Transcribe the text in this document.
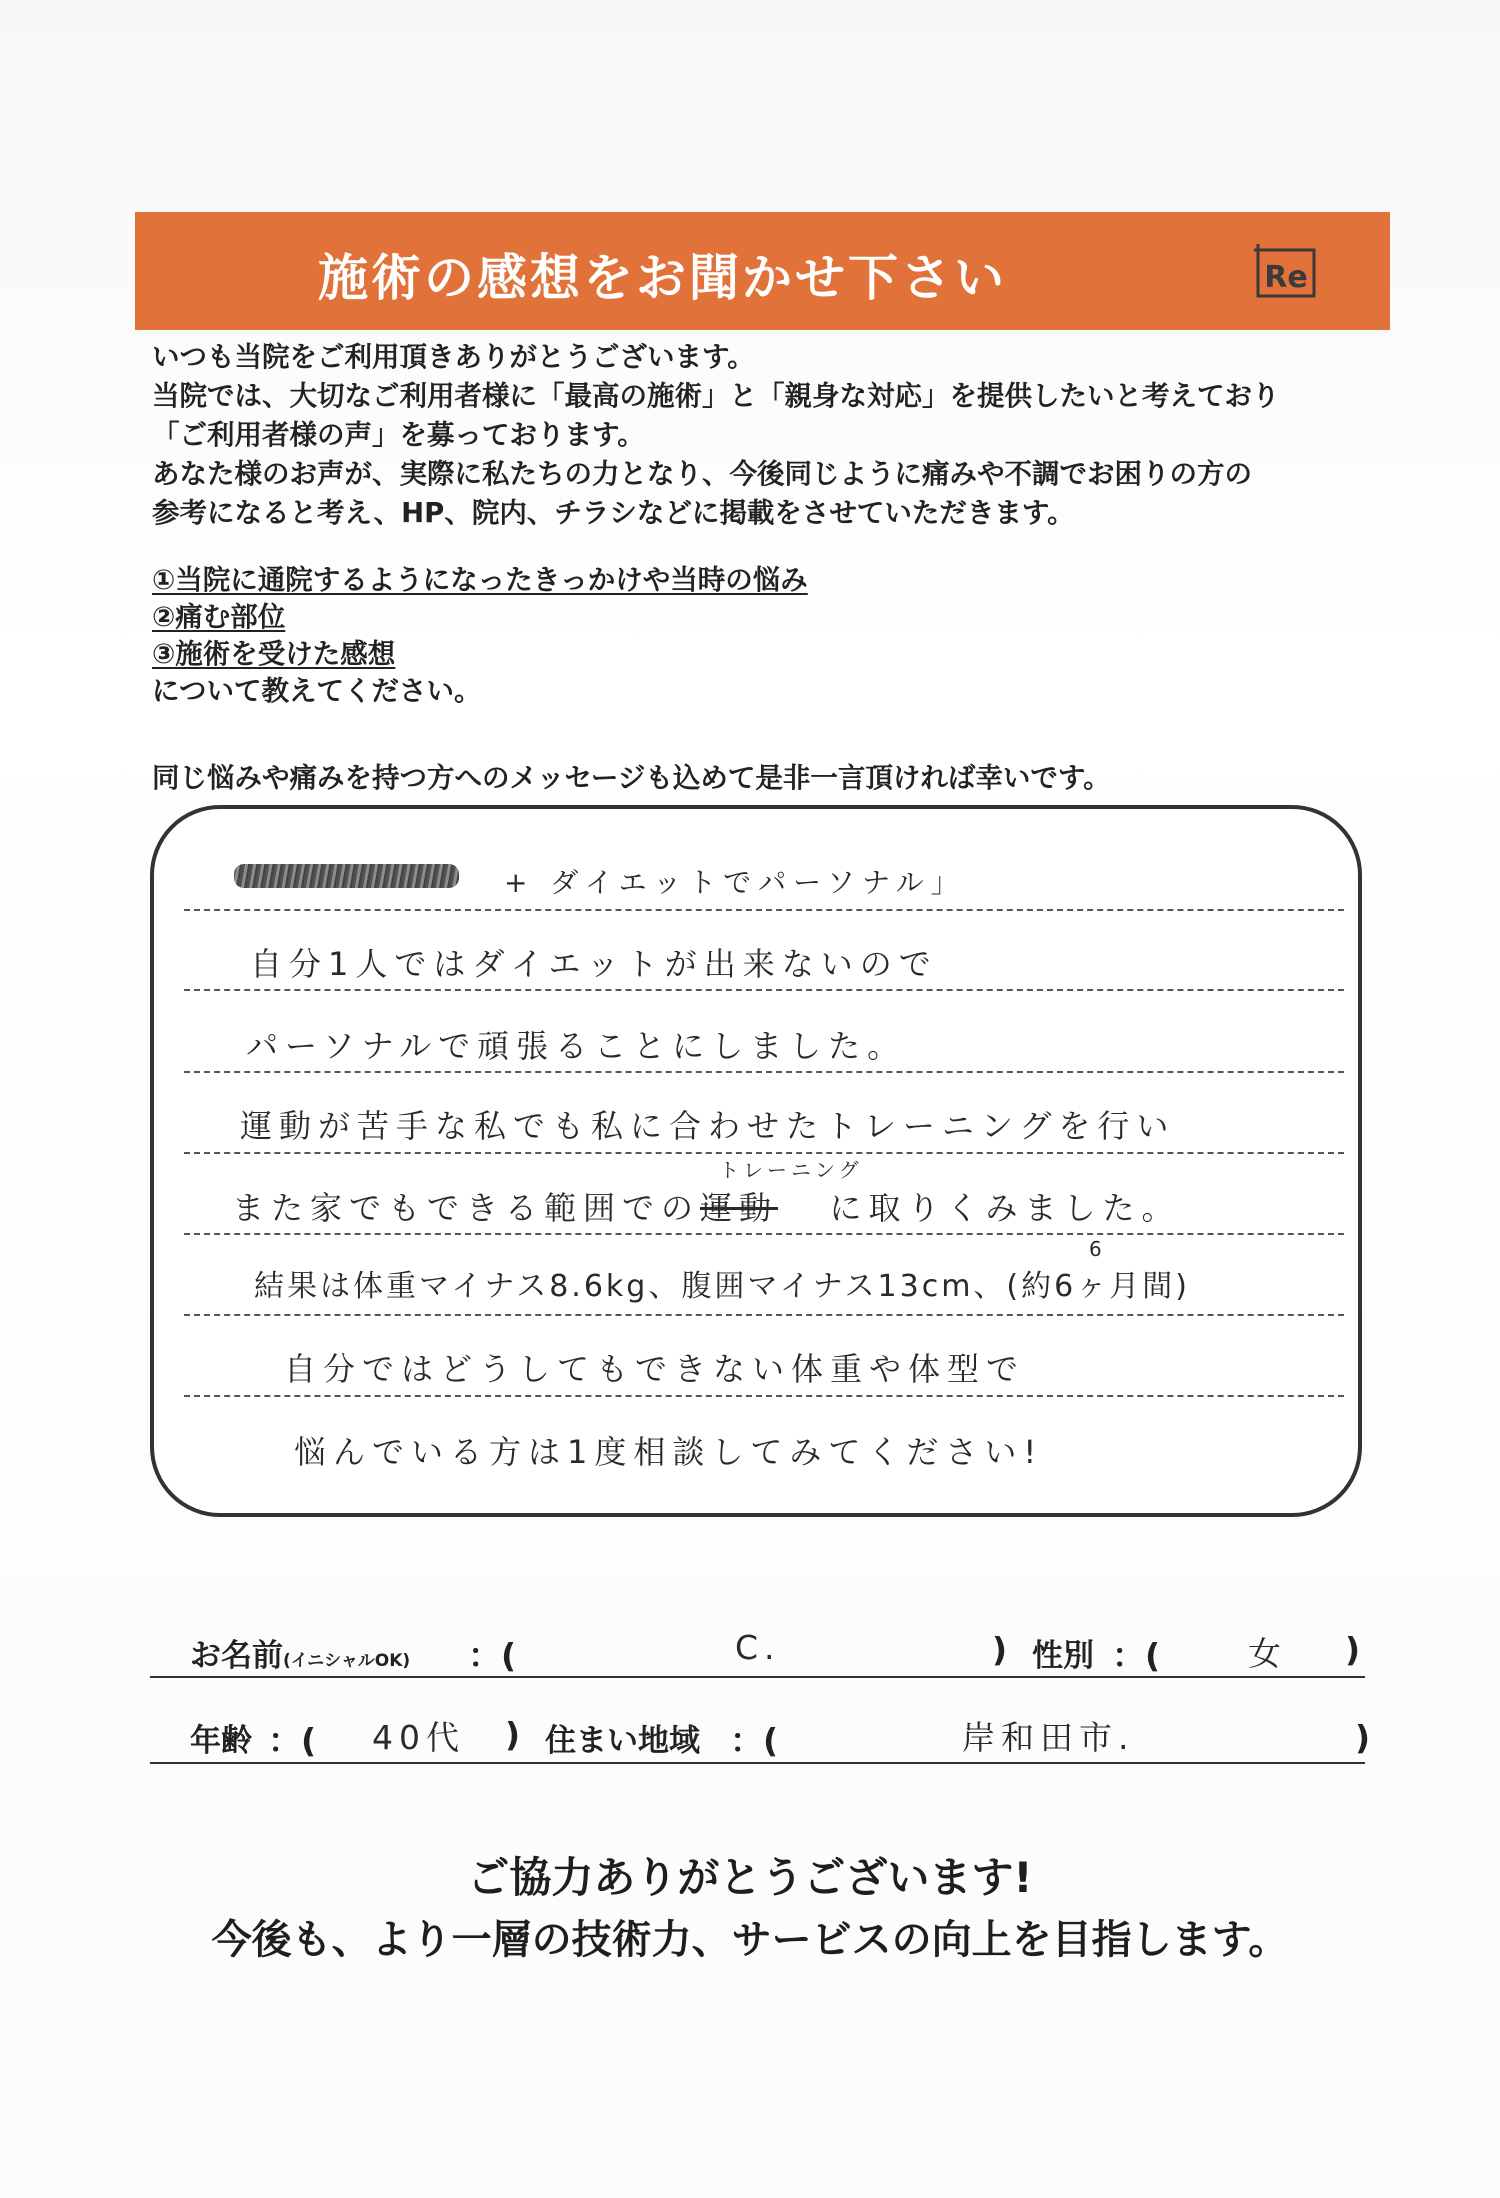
施術の感想をお聞かせ下さい	Re

いつも当院をご利用頂きありがとうございます。

当院では、大切なご利用者様に「最高の施術」と「親身な対応」を提供したいと考えており

「ご利用者様の声」を募っております。

あなた様のお声が、実際に私たちの力となり、今後同じように痛みや不調でお困りの方の

参考になると考え、HP、院内、チラシなどに掲載をさせていただきます。

①当院に通院するようになったきっかけや当時の悩み

②痛む部位

③施術を受けた感想

について教えてください。

同じ悩みや痛みを持つ方へのメッセージも込めて是非一言頂ければ幸いです。
+ ダイエットでパーソナル」
自分1人ではダイエットが出来ないので
パーソナルで頑張ることにしました。
運動が苦手な私でも私に合わせたトレーニングを行い
トレーニング
また家でもできる範囲での運動 に取りくみました。
6
結果は体重マイナス8.6kg、腹囲マイナス13cm、(約6ヶ月間)
自分ではどうしてもできない体重や体型で
悩んでいる方は1度相談してみてください!
お名前(イニシャルOK) ：(	C.	) 性別 ：(	女 )
年齢 ：( 40代 ) 住まい地域 ：(	岸和田市.	)
ご協力ありがとうございます!
今後も、より一層の技術力、サービスの向上を目指します。
